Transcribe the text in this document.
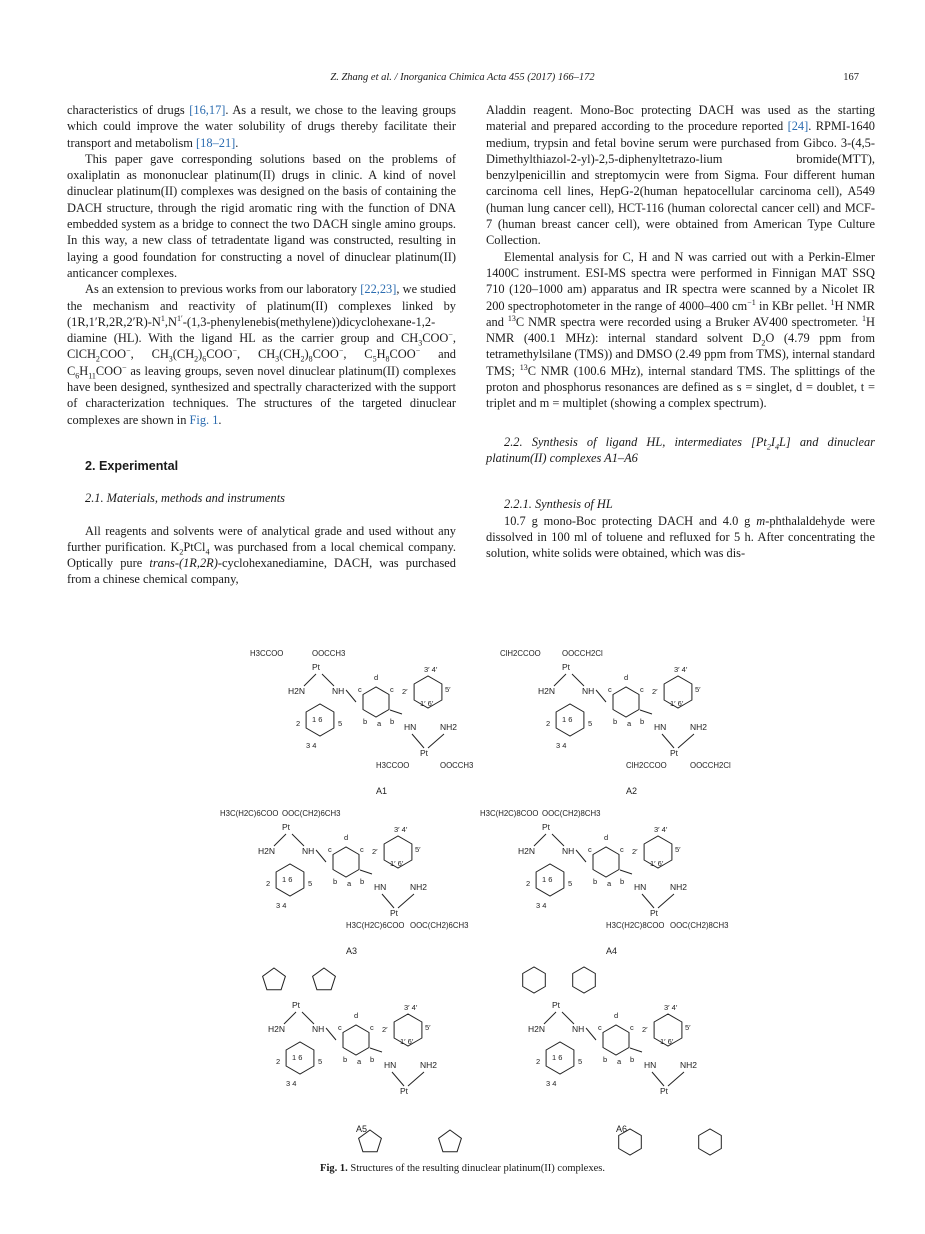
Z. Zhang et al. / Inorganica Chimica Acta 455 (2017) 166–172	167

characteristics of drugs [16,17]. As a result, we chose to the leaving groups which could improve the water solubility of drugs thereby facilitate their transport and metabolism [18–21].

This paper gave corresponding solutions based on the problems of oxaliplatin as mononuclear platinum(II) drugs in clinic. A kind of novel dinuclear platinum(II) complexes was designed on the basis of containing the DACH structure, through the rigid aromatic ring with the function of DNA embedded system as a bridge to connect the two DACH single amino groups. In this way, a new class of tetradentate ligand was constructed, resulting in laying a good foundation for constructing a novel of dinuclear platinum(II) anticancer complexes.

As an extension to previous works from our laboratory [22,23], we studied the mechanism and reactivity of platinum(II) complexes linked by $(1R,1'R,2R,2'R)-N^1,N^{1'}-(1,3-phenylenebis(methylene))dicyclohexane-1,2$-diamine (HL). With the ligand HL as the carrier group and $CH_3COO^-$, ClCH$_2$COO−, $CH_3(CH_2)_6COO^-$, $CH_3(CH_2)_8COO^-$, $C_5H_8COO^-$ and $C_6H_{11}COO^-$ as leaving groups, seven novel dinuclear platinum(II) complexes have been designed, synthesized and spectrally characterized with the support of characterization techniques. The structures of the targeted dinuclear complexes are shown in Fig. 1.

2. Experimental

2.1. Materials, methods and instruments

All reagents and solvents were of analytical grade and used without any further purification. $K_2PtCl_4$ was purchased from a local chemical company. Optically pure trans-(1R,2R)-cyclohexanediamine, DACH, was purchased from a chinese chemical company,

Aladdin reagent. Mono-Boc protecting DACH was used as the starting material and prepared according to the procedure reported [24]. RPMI-1640 medium, trypsin and fetal bovine serum were purchased from Gibco. 3-(4,5-Dimethylthiazol-2-yl)-2,5-diphenyltetrazo-lium bromide(MTT), benzylpenicillin and streptomycin were from Sigma. Four different human carcinoma cell lines, HepG-2(human hepatocellular carcinoma cell), A549 (human lung cancer cell), HCT-116 (human colorectal cancer cell) and MCF-7 (human breast cancer cell), were obtained from American Type Culture Collection.

Elemental analysis for C, H and N was carried out with a Perkin-Elmer 1400C instrument. ESI-MS spectra were performed in Finnigan MAT SSQ 710 (120–1000 am) apparatus and IR spectra were scanned by a Nicolet IR 200 spectrophotometer in the range of 4000–400 $cm^{-1}$ in KBr pellet. $^1$H NMR and $^{13}$C NMR spectra were recorded using a Bruker AV400 spectrometer. $^1$H NMR (400.1 MHz): internal standard solvent $D_2O$ (4.79 ppm from tetramethylsilane (TMS)) and DMSO (2.49 ppm from TMS), internal standard TMS; $^{13}$C NMR (100.6 MHz), internal standard TMS. The splittings of the proton and phosphorus resonances are defined as s = singlet, d = doublet, t = triplet and m = multiplet (showing a complex spectrum).

2.2. Synthesis of ligand HL, intermediates $[Pt_2I_4L]$ and dinuclear platinum(II) complexes A1–A6

2.2.1. Synthesis of HL

10.7 g mono-Boc protecting DACH and 4.0 g m-phthalaldehyde were dissolved in 100 ml of toluene and refluxed for 5 h. After concentrating the solution, white solids were obtained, which was dis-

Pt
H3CCOO	OOCCH3
H2N	NH
1 6
2
3 4
5
d
c	c
b a b
3′ 4′
2′	5′
1′ 6′
HN	NH2
Pt
H3CCOO	OOCCH3
A1
Pt
ClH2CCOO	OOCCH2Cl
H2N	NH
1 6
2
3 4
5
d
c	c
b a b
3′ 4′
2′	5′
1′ 6′
HN	NH2
Pt
ClH2CCOO	OOCCH2Cl
A2
Pt
H3C(H2C)6COO OOC(CH2)6CH3
H2N	NH
1 6
2
3 4
5
d
c	c
b a b
3′ 4′
2′	5′
1′ 6′
HN	NH2
Pt
H3C(H2C)6COO OOC(CH2)6CH3
A3
Pt
H3C(H2C)8COO OOC(CH2)8CH3
H2N	NH
1 6
2
3 4
5
d
c	c
b a b
3′ 4′
2′	5′
1′ 6′
HN	NH2
Pt
H3C(H2C)8COO OOC(CH2)8CH3
A4
Pt
H2N	NH
1 6
2
3 4
5
d
c	c
b a b
3′ 4′
2′	5′
1′ 6′
HN	NH2
Pt
A5
Pt
H2N	NH
1 6
2
3 4
5
d
c	c
b a b
3′ 4′
2′	5′
1′ 6′
HN	NH2
Pt
A6
Fig. 1. Structures of the resulting dinuclear platinum(II) complexes.
